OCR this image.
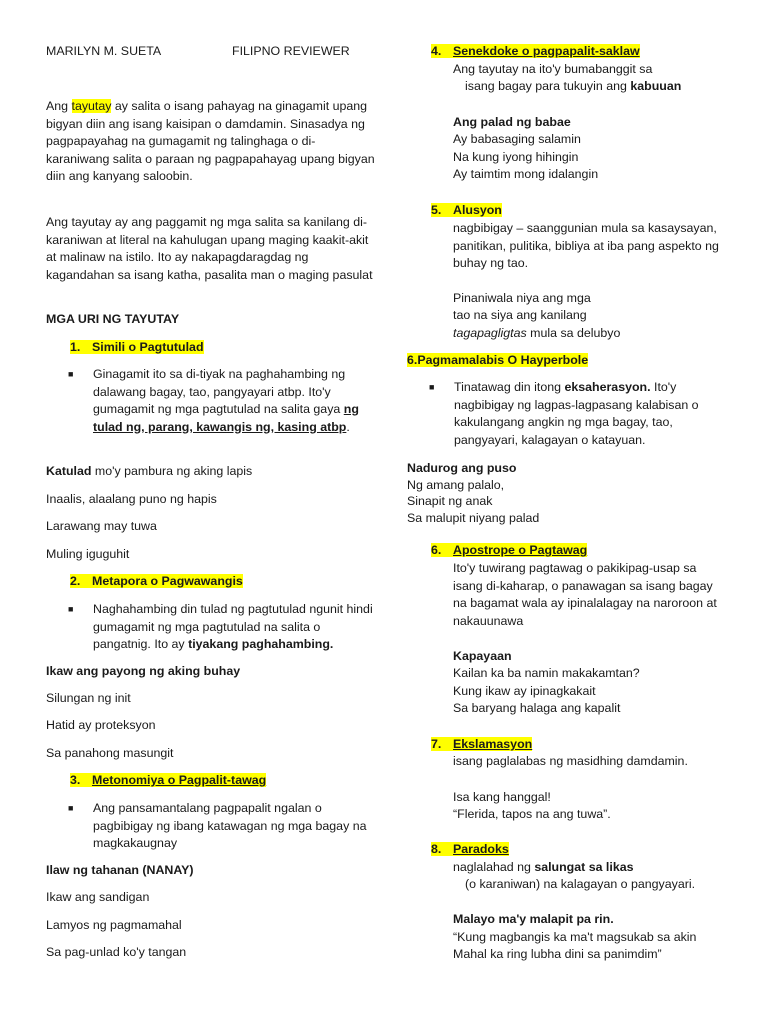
MARILYN M. SUETA	FILIPNO REVIEWER

Ang tayutay ay salita o isang pahayag na ginagamit upang bigyan diin ang isang kaisipan o damdamin. Sinasadya ng pagpapayahag na gumagamit ng talinghaga o di-karaniwang salita o paraan ng pagpapahayag upang bigyan diin ang kanyang saloobin.

Ang tayutay ay ang paggamit ng mga salita sa kanilang di-karaniwan at literal na kahulugan upang maging kaakit-akit at malinaw na istilo. Ito ay nakapagdaragdag ng kagandahan sa isang katha, pasalita man o maging pasulat

MGA URI NG TAYUTAY
1. Simili o Pagtutulad
■ Ginagamit ito sa di-tiyak na paghahambing ng dalawang bagay, tao, pangyayari atbp. Ito'y gumagamit ng mga pagtutulad na salita gaya ng tulad ng, parang, kawangis ng, kasing atbp.
Katulad mo'y pambura ng aking lapis
Inaalis, alaalang puno ng hapis
Larawang may tuwa
Muling iguguhit
2. Metapora o Pagwawangis
■ Naghahambing din tulad ng pagtutulad ngunit hindi gumagamit ng mga pagtutulad na salita o pangatnig. Ito ay tiyakang paghahambing.
Ikaw ang payong ng aking buhay
Silungan ng init
Hatid ay proteksyon
Sa panahong masungit
3. Metonomiya o Pagpalit-tawag
■ Ang pansamantalang pagpapalit ngalan o pagbibigay ng ibang katawagan ng mga bagay na magkakaugnay
Ilaw ng tahanan (NANAY)
Ikaw ang sandigan
Lamyos ng pagmamahal
Sa pag-unlad ko'y tangan
4. Senekdoke o pagpapalit-saklaw
Ang tayutay na ito'y bumabanggit sa
isang bagay para tukuyin ang kabuuan
Ang palad ng babae
Ay babasaging salamin
Na kung iyong hihingin
Ay taimtim mong idalangin
5. Alusyon
nagbibigay – saanggunian mula sa kasaysayan, panitikan, pulitika, bibliya at iba pang aspekto ng buhay ng tao.
Pinaniwala niya ang mga
tao na siya ang kanilang
tagapagligtas mula sa delubyo
6.Pagmamalabis O Hayperbole
■ Tinatawag din itong eksaherasyon. Ito'y nagbibigay ng lagpas-lagpasang kalabisan o kakulangang angkin ng mga bagay, tao, pangyayari, kalagayan o katayuan.
Nadurog ang puso
Ng amang palalo,
Sinapit ng anak
Sa malupit niyang palad
6. Apostrope o Pagtawag
Ito'y tuwirang pagtawag o pakikipag-usap sa isang di-kaharap, o panawagan sa isang bagay na bagamat wala ay ipinalalagay na naroroon at nakauunawa
Kapayaan
Kailan ka ba namin makakamtan?
Kung ikaw ay ipinagkakait
Sa baryang halaga ang kapalit
7. Ekslamasyon
isang paglalabas ng masidhing damdamin.
Isa kang hanggal!
“Flerida, tapos na ang tuwa”.
8. Paradoks
naglalahad ng salungat sa likas
(o karaniwan) na kalagayan o pangyayari.
Malayo ma'y malapit pa rin.
“Kung magbangis ka ma't magsukab sa akin
Mahal ka ring lubha dini sa panimdim”
